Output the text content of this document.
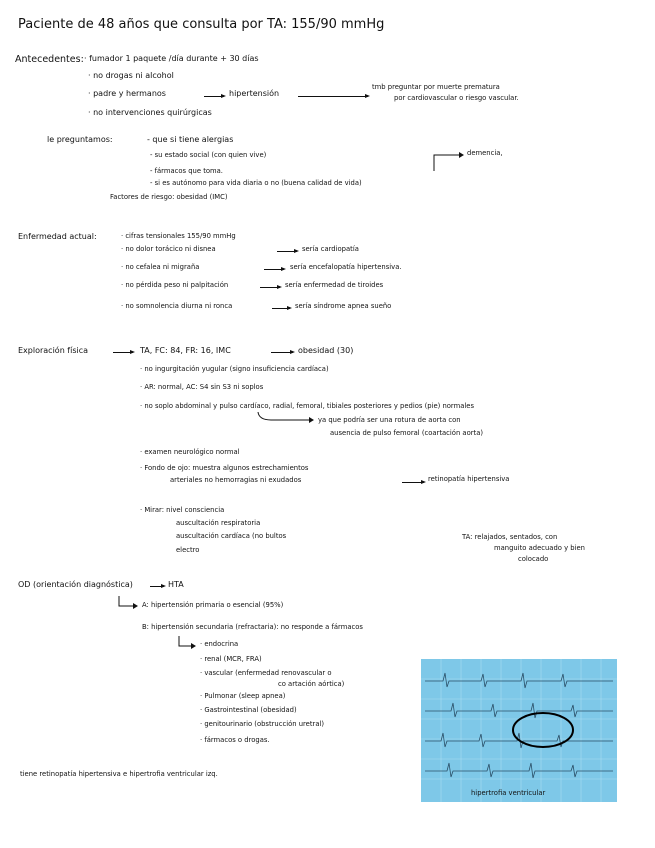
Paciente de 48 años que consulta por TA: 155/90 mmHg
Antecedentes: · fumador 1 paquete /día durante + 30 días
· no drogas ni alcohol
· padre y hermanos	hipertensión
tmb preguntar por muerte prematura
por cardiovascular o riesgo vascular.
· no intervenciones quirúrgicas
le preguntamos:	- que si tiene alergias
- su estado social (con quien vive)	demencia,
- fármacos que toma.
- si es autónomo para vida diaria o no (buena calidad de vida)
Factores de riesgo: obesidad (IMC)
Enfermedad actual:	· cifras tensionales 155/90 mmHg
· no dolor torácico ni disnea	sería cardiopatía
· no cefalea ni migraña	sería encefalopatía hipertensiva.
· no pérdida peso ni palpitación	sería enfermedad de tiroides
· no somnolencia diurna ni ronca	sería síndrome apnea sueño
Exploración física	TA, FC: 84, FR: 16, IMC	obesidad (30)
· no ingurgitación yugular (signo insuficiencia cardíaca)
· AR: normal, AC: S4 sin S3 ni soplos
· no soplo abdominal y pulso cardíaco, radial, femoral, tibiales posteriores y pedios (pie) normales
ya que podría ser una rotura de aorta con
ausencia de pulso femoral (coartación aorta)
· examen neurológico normal
· Fondo de ojo: muestra algunos estrechamientos
arteriales no hemorragias ni exudados	retinopatía hipertensiva
· Mirar: nivel consciencia
auscultación respiratoria
auscultación cardíaca (no bultos
electro
TA: relajados, sentados, con
manguito adecuado y bien
colocado
OD (orientación diagnóstica)	HTA
A: hipertensión primaria o esencial (95%)
B: hipertensión secundaria (refractaria): no responde a fármacos
· endocrina
· renal (MCR, FRA)
· vascular (enfermedad renovascular o
co artación aórtica)
· Pulmonar (sleep apnea)
· Gastrointestinal (obesidad)
· genitourinario (obstrucción uretral)
· fármacos o drogas.
tiene retinopatía hipertensiva e hipertrofia ventricular izq.
hipertrofia ventricular
